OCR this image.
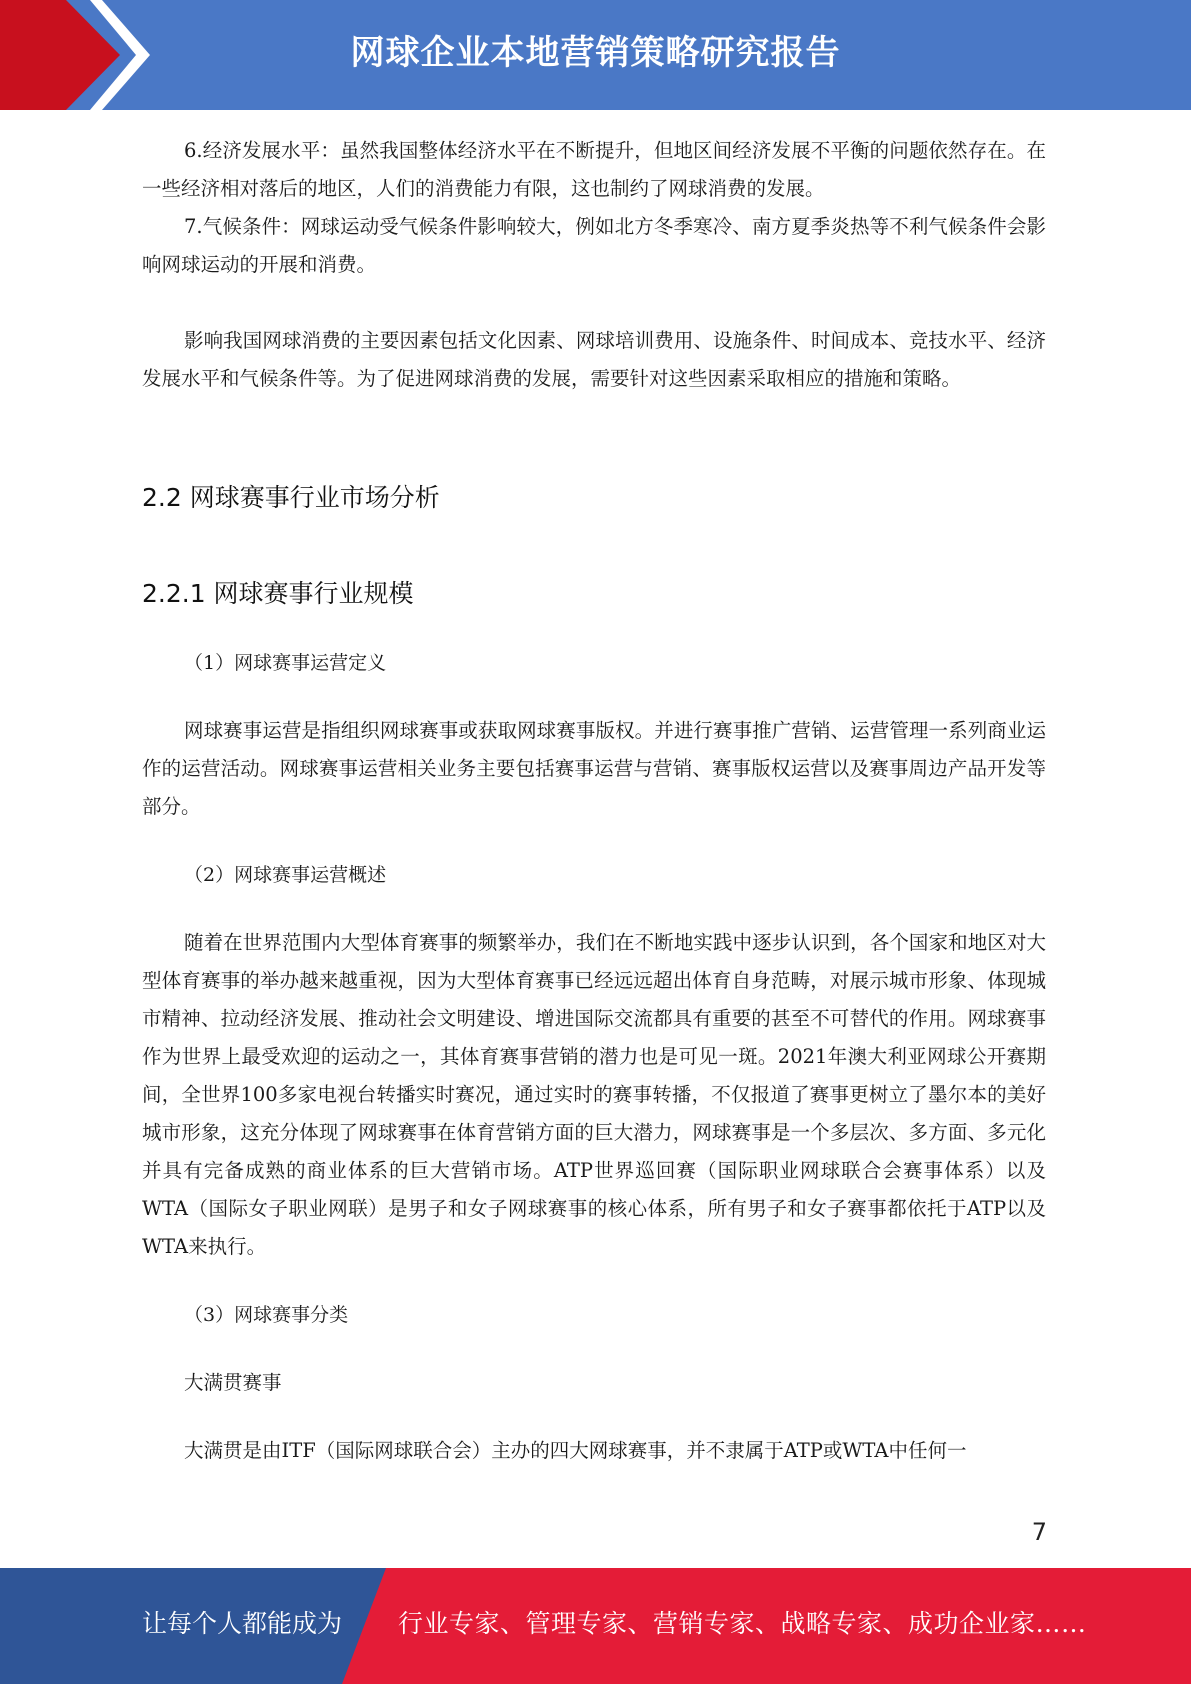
网球企业本地营销策略研究报告

6.经济发展水平：虽然我国整体经济水平在不断提升，但地区间经济发展不平衡的问题依然存在。在一些经济相对落后的地区，人们的消费能力有限，这也制约了网球消费的发展。

7.气候条件：网球运动受气候条件影响较大，例如北方冬季寒冷、南方夏季炎热等不利气候条件会影响网球运动的开展和消费。

影响我国网球消费的主要因素包括文化因素、网球培训费用、设施条件、时间成本、竞技水平、经济发展水平和气候条件等。为了促进网球消费的发展，需要针对这些因素采取相应的措施和策略。

2.2 网球赛事行业市场分析
2.2.1 网球赛事行业规模

（1）网球赛事运营定义

网球赛事运营是指组织网球赛事或获取网球赛事版权。并进行赛事推广营销、运营管理一系列商业运作的运营活动。网球赛事运营相关业务主要包括赛事运营与营销、赛事版权运营以及赛事周边产品开发等部分。

（2）网球赛事运营概述

随着在世界范围内大型体育赛事的频繁举办，我们在不断地实践中逐步认识到，各个国家和地区对大型体育赛事的举办越来越重视，因为大型体育赛事已经远远超出体育自身范畴，对展示城市形象、体现城市精神、拉动经济发展、推动社会文明建设、增进国际交流都具有重要的甚至不可替代的作用。网球赛事作为世界上最受欢迎的运动之一，其体育赛事营销的潜力也是可见一斑。2021年澳大利亚网球公开赛期间，全世界100多家电视台转播实时赛况，通过实时的赛事转播，不仅报道了赛事更树立了墨尔本的美好城市形象，这充分体现了网球赛事在体育营销方面的巨大潜力，网球赛事是一个多层次、多方面、多元化并具有完备成熟的商业体系的巨大营销市场。ATP世界巡回赛（国际职业网球联合会赛事体系）以及WTA（国际女子职业网联）是男子和女子网球赛事的核心体系，所有男子和女子赛事都依托于ATP以及WTA来执行。

（3）网球赛事分类

大满贯赛事

大满贯是由ITF（国际网球联合会）主办的四大网球赛事，并不隶属于ATP或WTA中任何一

7
让每个人都能成为 行业专家、管理专家、营销专家、战略专家、成功企业家……
